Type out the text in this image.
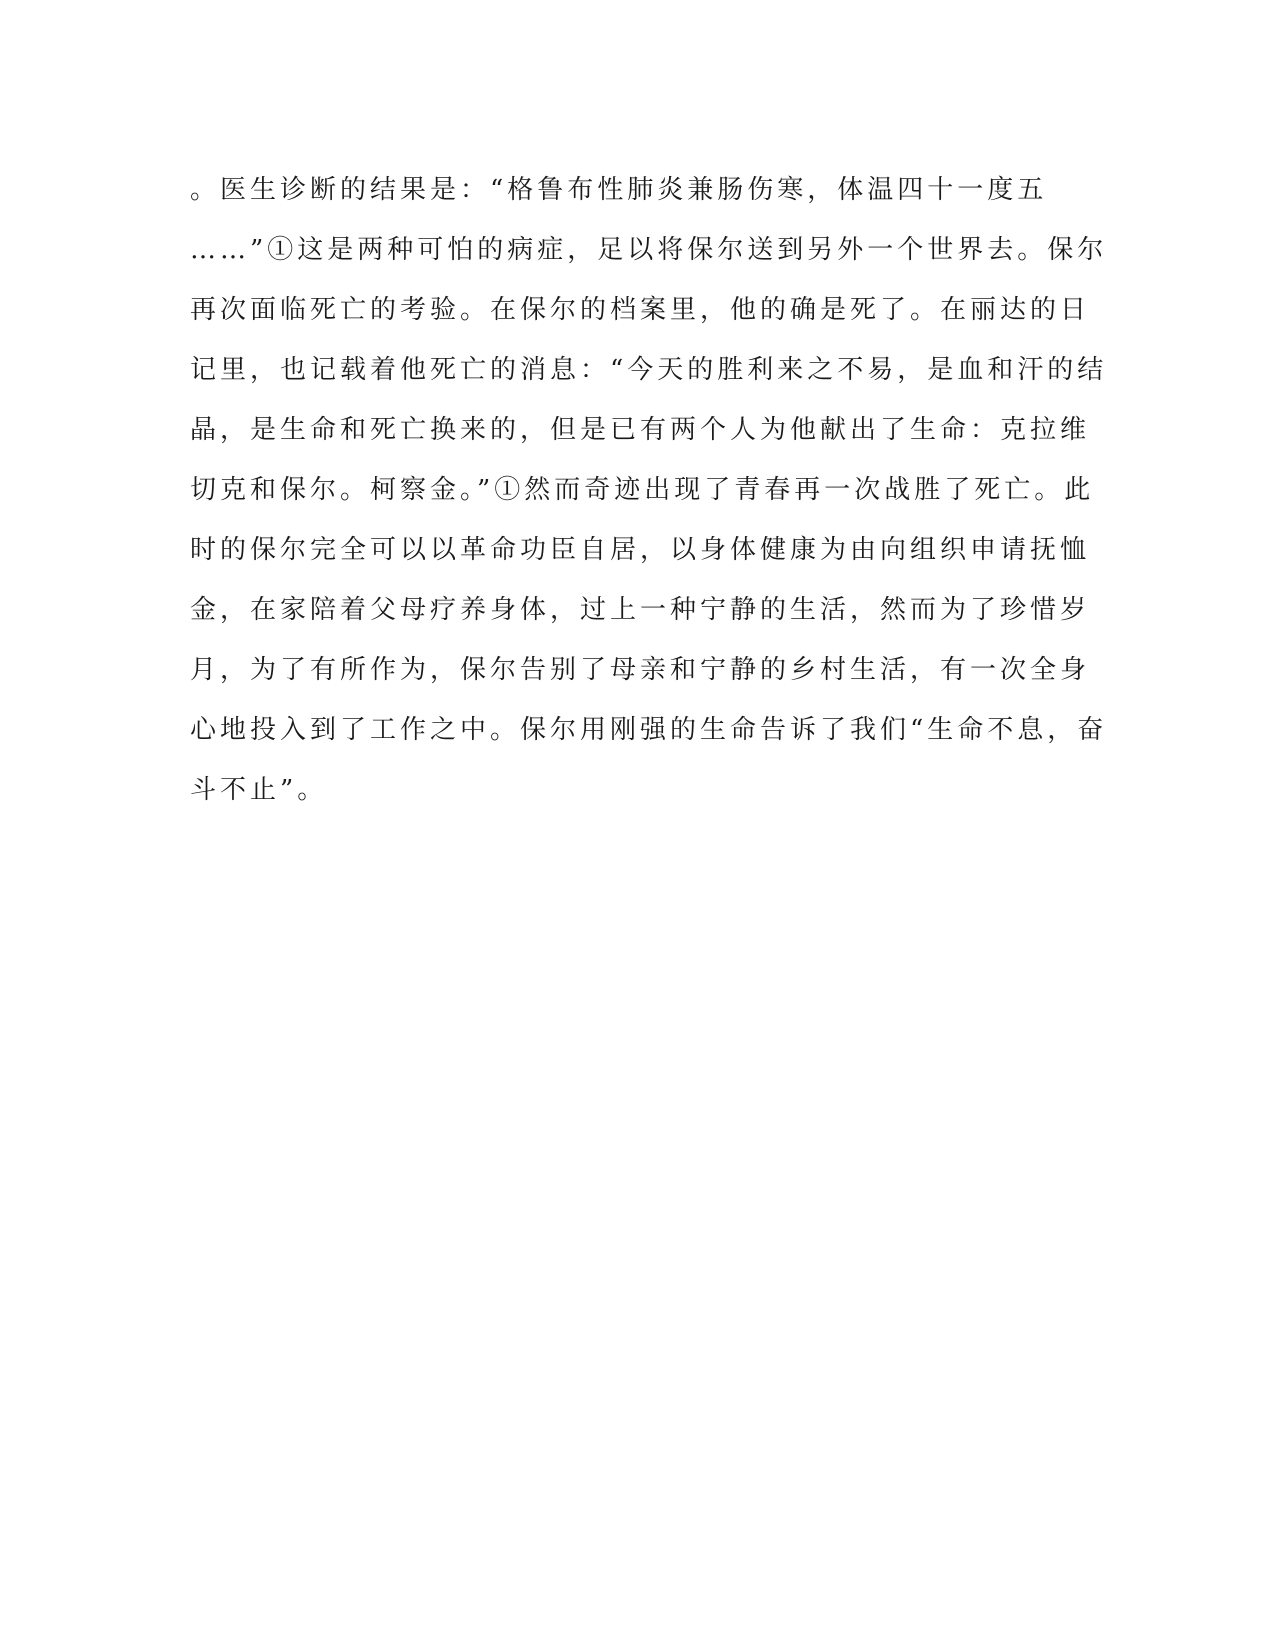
。医生诊断的结果是：“格鲁布性肺炎兼肠伤寒，体温四十一度五
……”①这是两种可怕的病症，足以将保尔送到另外一个世界去。保尔
再次面临死亡的考验。在保尔的档案里，他的确是死了。在丽达的日
记里，也记载着他死亡的消息：“今天的胜利来之不易，是血和汗的结
晶，是生命和死亡换来的，但是已有两个人为他献出了生命：克拉维
切克和保尔。柯察金。”①然而奇迹出现了青春再一次战胜了死亡。此
时的保尔完全可以以革命功臣自居，以身体健康为由向组织申请抚恤
金，在家陪着父母疗养身体，过上一种宁静的生活，然而为了珍惜岁
月，为了有所作为，保尔告别了母亲和宁静的乡村生活，有一次全身
心地投入到了工作之中。保尔用刚强的生命告诉了我们“生命不息，奋
斗不止”。
